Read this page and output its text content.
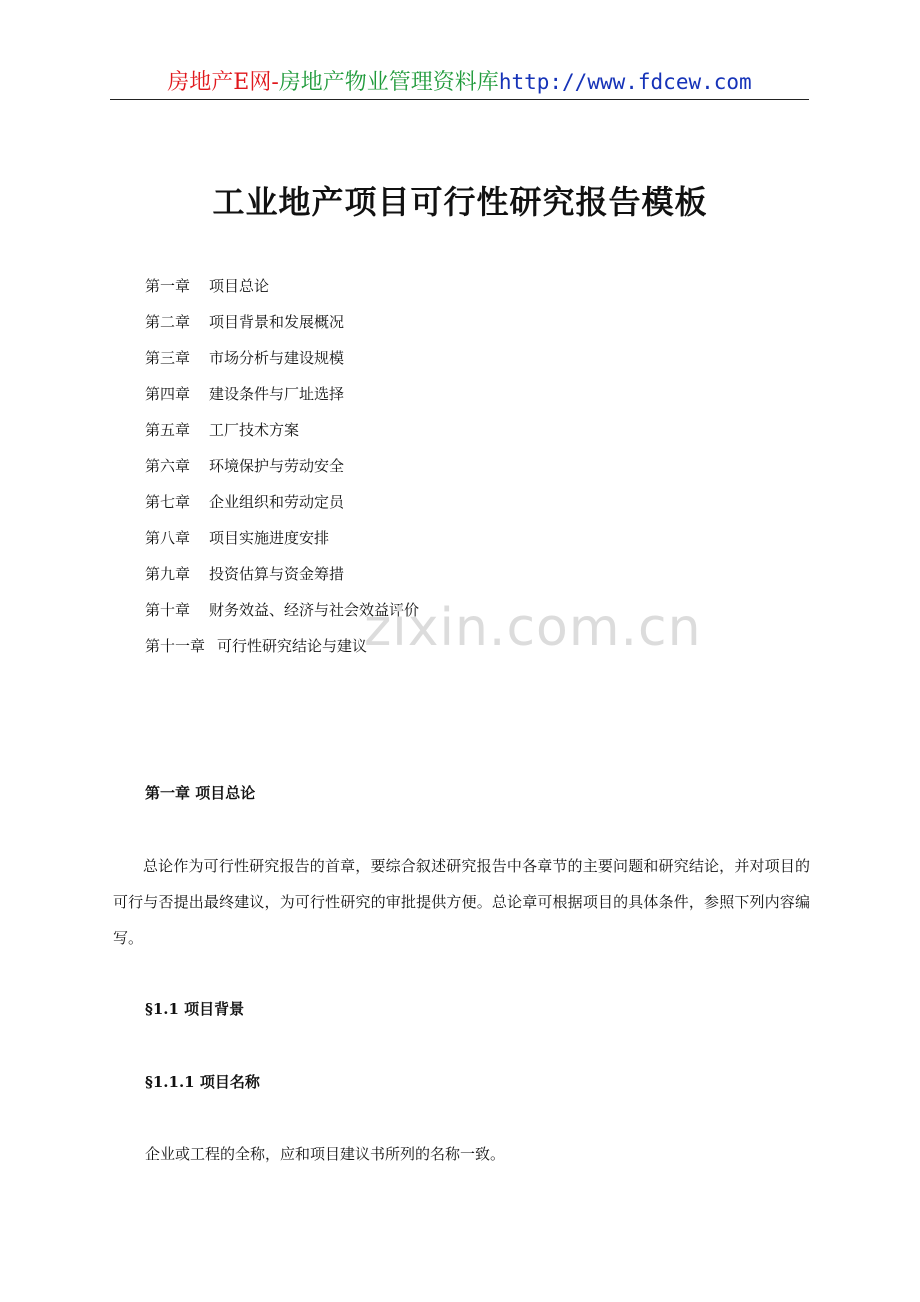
房地产E网-房地产物业管理资料库http://www.fdcew.com
工业地产项目可行性研究报告模板
第一章 项目总论
第二章 项目背景和发展概况
第三章 市场分析与建设规模
第四章 建设条件与厂址选择
第五章 工厂技术方案
第六章 环境保护与劳动安全
第七章 企业组织和劳动定员
第八章 项目实施进度安排
第九章 投资估算与资金筹措
第十章 财务效益、经济与社会效益评价
第十一章 可行性研究结论与建议
zixin.com.cn
第一章 项目总论

总论作为可行性研究报告的首章，要综合叙述研究报告中各章节的主要问题和研究结论，并对项目的可行与否提出最终建议，为可行性研究的审批提供方便。总论章可根据项目的具体条件，参照下列内容编写。

§1.1 项目背景
§1.1.1 项目名称
企业或工程的全称，应和项目建议书所列的名称一致。
